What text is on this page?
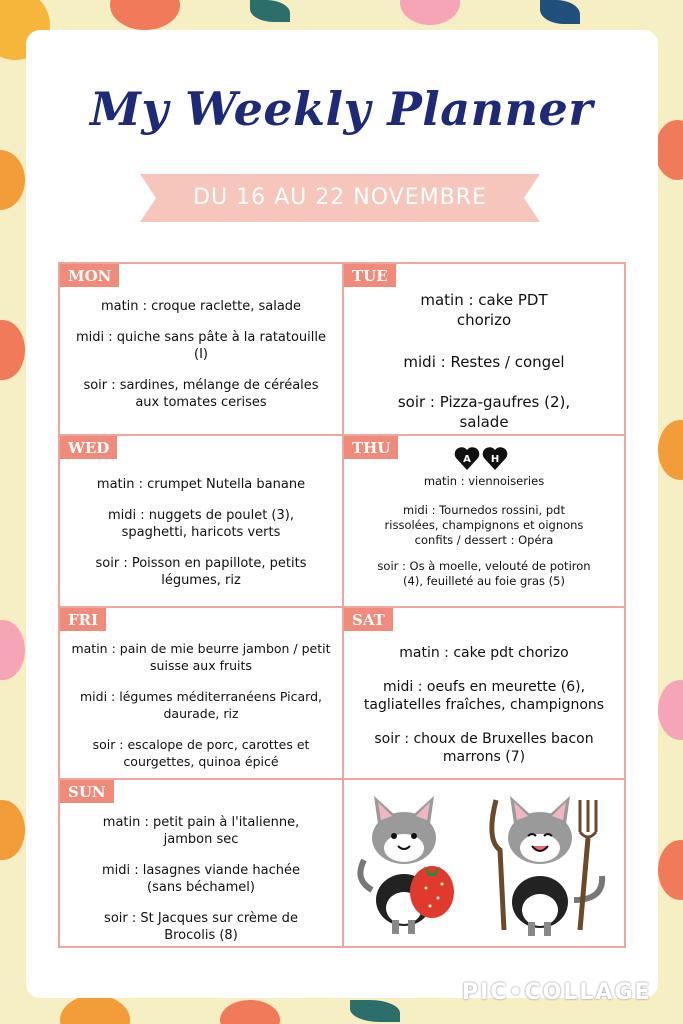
My Weekly Planner
DU 16 AU 22 NOVEMBRE
MON

matin : croque raclette, salade

midi : quiche sans pâte à la ratatouille (I)

soir : sardines, mélange de céréales aux tomates cerises

TUE

matin : cake PDT chorizo

midi : Restes / congel

soir : Pizza-gaufres (2), salade

WED

matin : crumpet Nutella banane

midi : nuggets de poulet (3), spaghetti, haricots verts

soir : Poisson en papillote, petits légumes, riz

THU
A H

matin : viennoiseries

midi : Tournedos rossini, pdt rissolées, champignons et oignons confits / dessert : Opéra

soir : Os à moelle, velouté de potiron (4), feuilleté au foie gras (5)

FRI

matin : pain de mie beurre jambon / petit suisse aux fruits

midi : légumes méditerranéens Picard, daurade, riz

soir : escalope de porc, carottes et courgettes, quinoa épicé

SAT

matin : cake pdt chorizo

midi : oeufs en meurette (6), tagliatelles fraîches, champignons

soir : choux de Bruxelles bacon marrons (7)

SUN

matin : petit pain à l'italienne, jambon sec

midi : lasagnes viande hachée (sans béchamel)

soir : St Jacques sur crème de Brocolis (8)

PIC•COLLAGE
